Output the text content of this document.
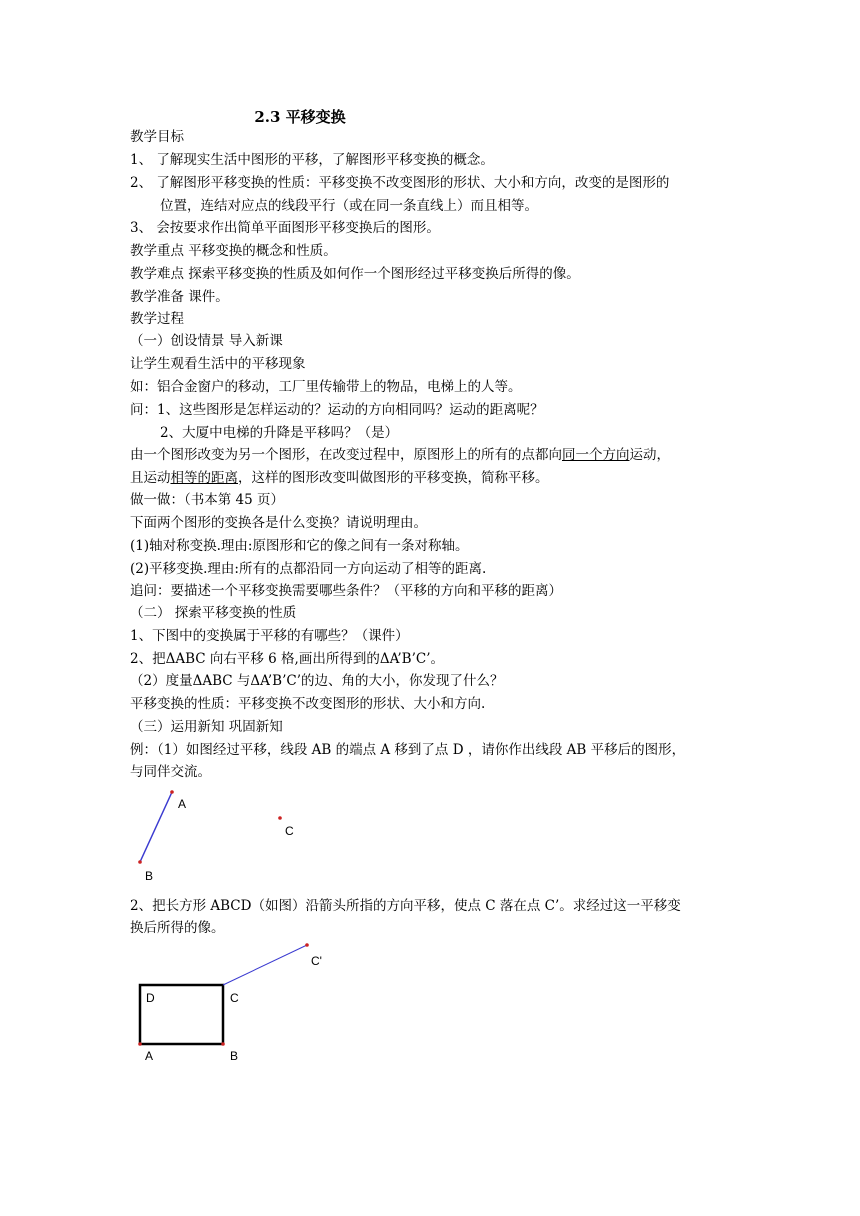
2.3 平移变换
教学目标
1、 了解现实生活中图形的平移，了解图形平移变换的概念。
2、 了解图形平移变换的性质：平移变换不改变图形的形状、大小和方向，改变的是图形的
位置，连结对应点的线段平行（或在同一条直线上）而且相等。
3、 会按要求作出简单平面图形平移变换后的图形。
教学重点 平移变换的概念和性质。
教学难点 探索平移变换的性质及如何作一个图形经过平移变换后所得的像。
教学准备 课件。
教学过程
（一）创设情景 导入新课
让学生观看生活中的平移现象
如：铝合金窗户的移动，工厂里传输带上的物品，电梯上的人等。
问：1、这些图形是怎样运动的？运动的方向相同吗？运动的距离呢？
2、大厦中电梯的升降是平移吗？（是）
由一个图形改变为另一个图形，在改变过程中，原图形上的所有的点都向同一个方向运动，
且运动相等的距离，这样的图形改变叫做图形的平移变换，简称平移。
做一做：（书本第 45 页）
下面两个图形的变换各是什么变换？请说明理由。
(1)轴对称变换.理由:原图形和它的像之间有一条对称轴。
(2)平移变换.理由:所有的点都沿同一方向运动了相等的距离.
追问：要描述一个平移变换需要哪些条件？（平移的方向和平移的距离）
（二） 探索平移变换的性质
1、下图中的变换属于平移的有哪些？（课件）
2、把ΔABC 向右平移 6 格,画出所得到的ΔA’B’C’。
（2）度量ΔABC 与ΔA’B’C’的边、角的大小，你发现了什么？
平移变换的性质：平移变换不改变图形的形状、大小和方向.
（三）运用新知 巩固新知
例：（1）如图经过平移，线段 AB 的端点 A 移到了点 D ，请你作出线段 AB 平移后的图形，
与同伴交流。
2、把长方形 ABCD（如图）沿箭头所指的方向平移，使点 C 落在点 C’。求经过这一平移变
换后所得的像。
A
C
B
C'
D	C
A	B
